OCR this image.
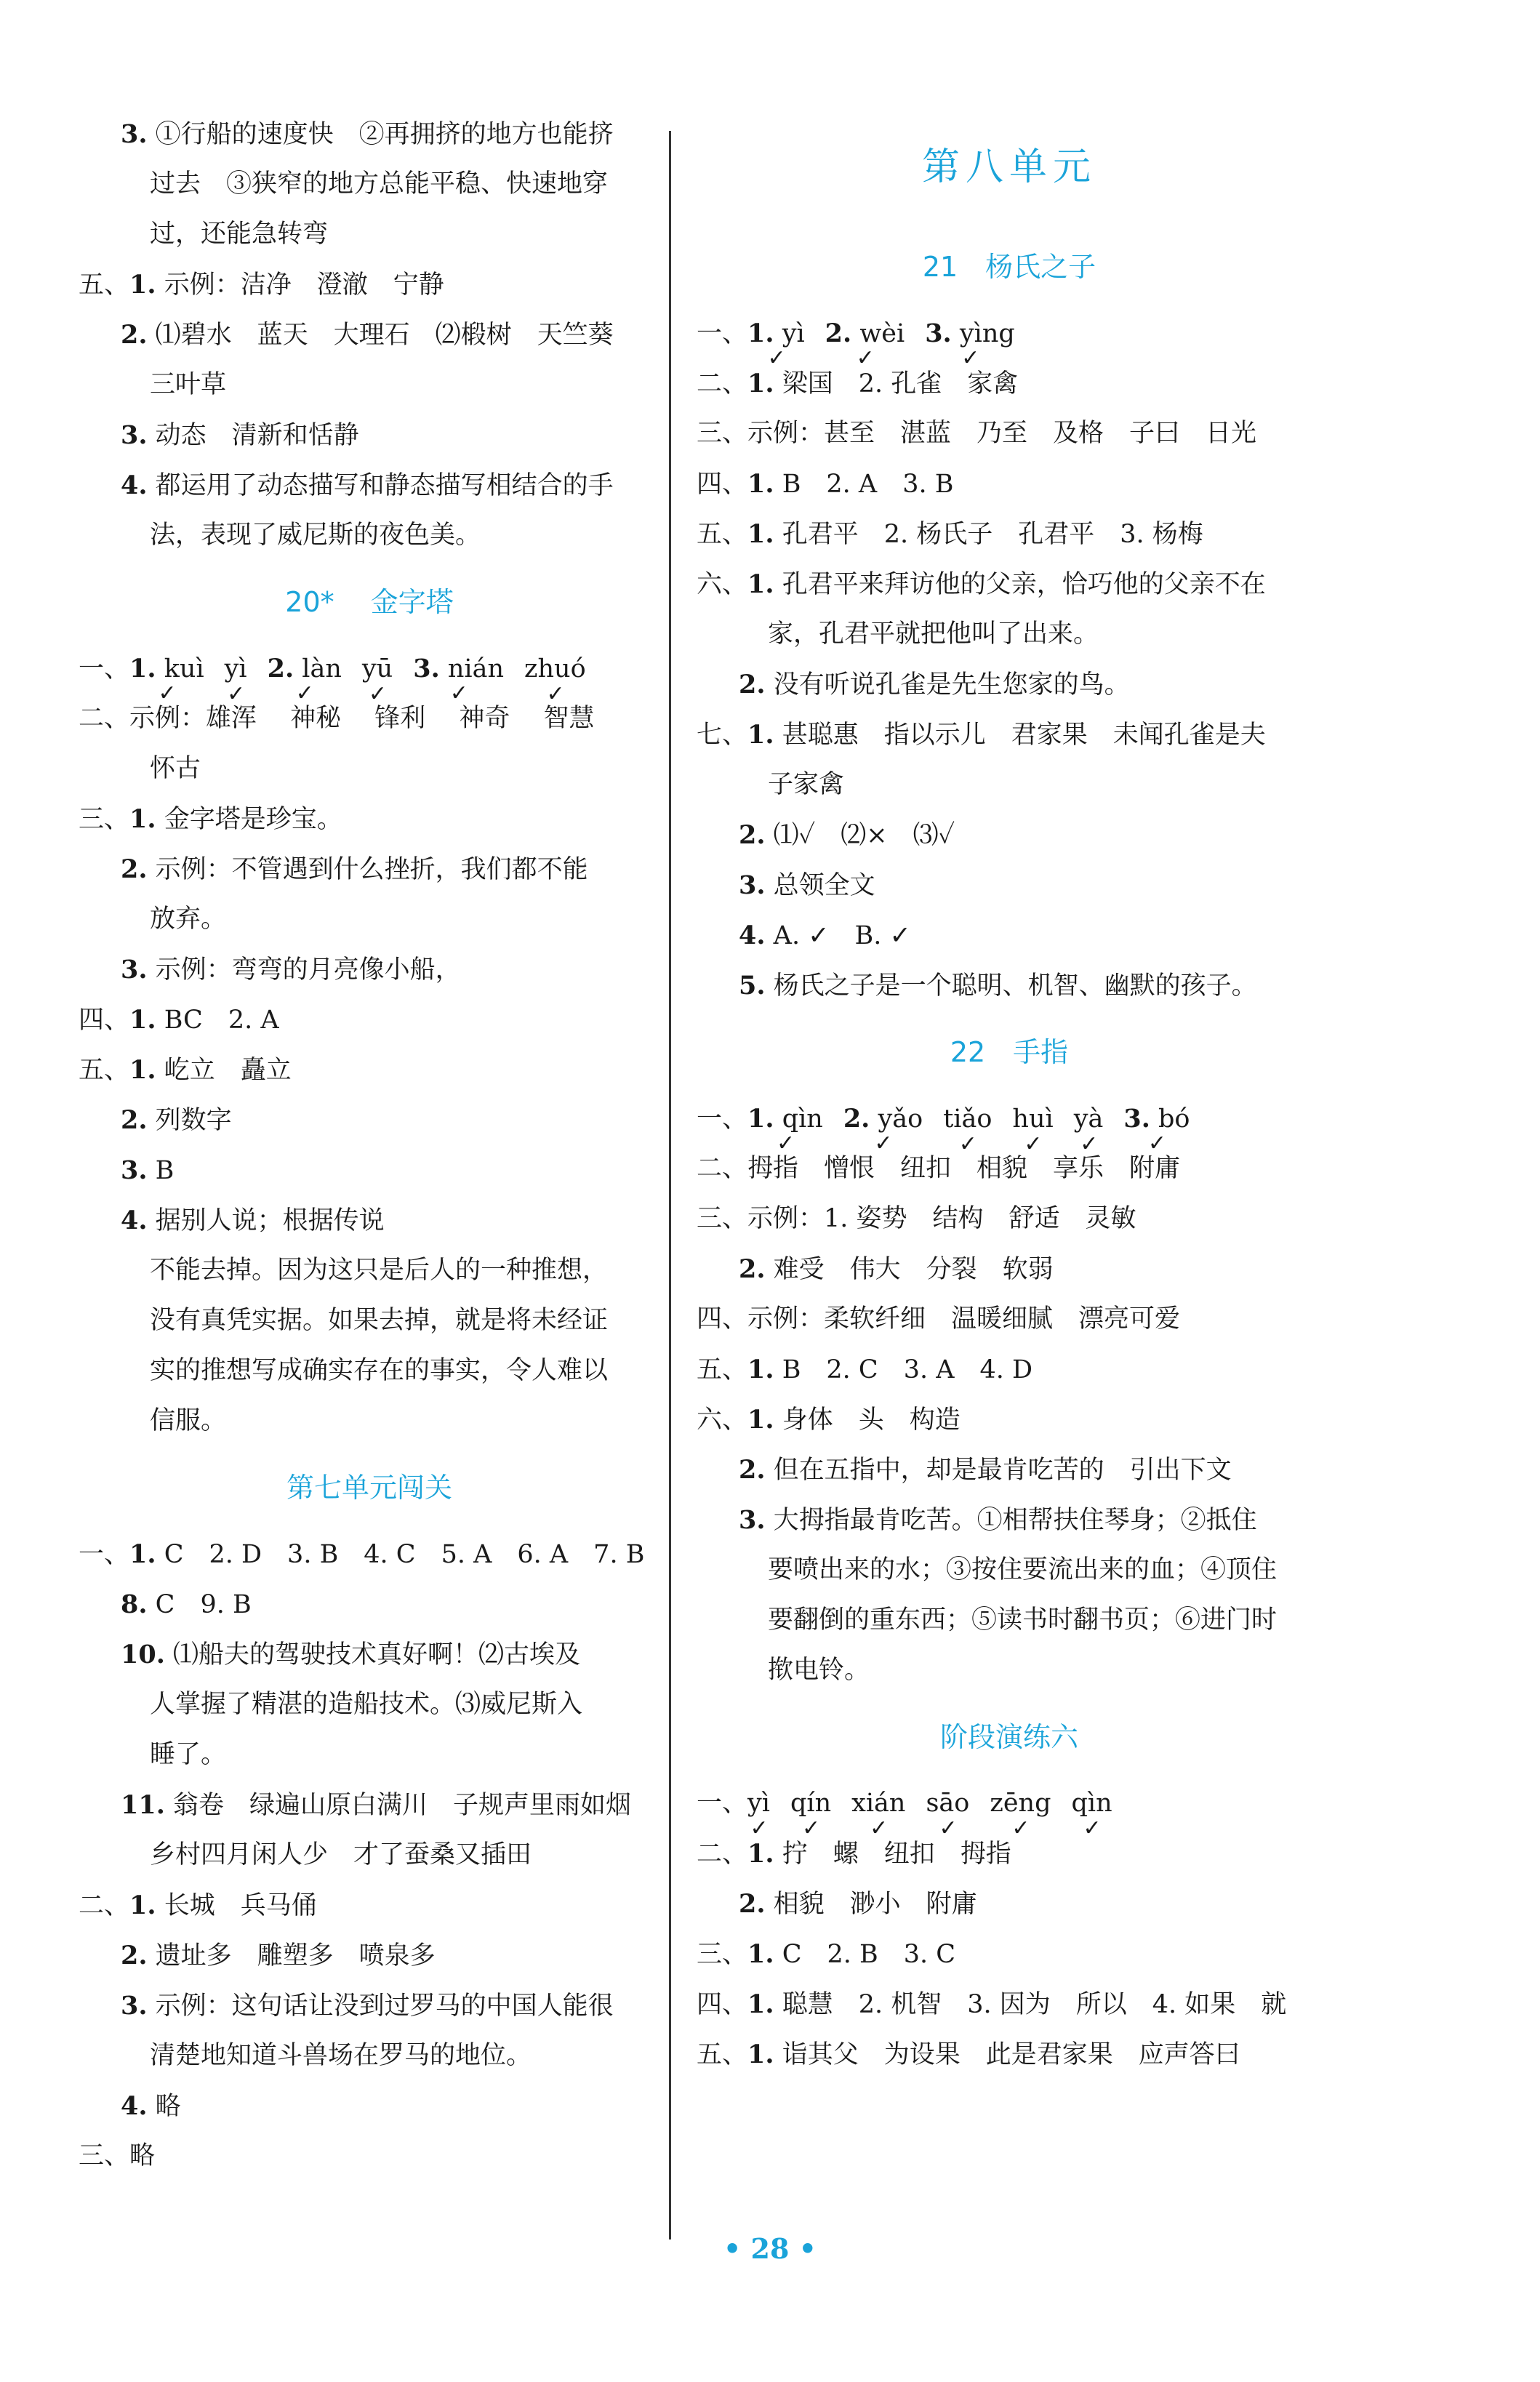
3. ①行船的速度快　②再拥挤的地方也能挤
过去　③狭窄的地方总能平稳、快速地穿
过，还能急转弯
五、1. 示例：洁净　澄澈　宁静
2. ⑴碧水　蓝天　大理石　⑵椴树　天竺葵
三叶草
3. 动态　清新和恬静
4. 都运用了动态描写和静态描写相结合的手
法，表现了威尼斯的夜色美。
20* 　金字塔
一、1. kuì
✓
yì
✓
2. làn
✓
yū
✓
3. nián
✓
zhuó
✓
二、示例：雄浑　 神秘　 锋利　 神奇　 智慧
怀古
三、1. 金字塔是珍宝。
2. 示例：不管遇到什么挫折，我们都不能
放弃。
3. 示例：弯弯的月亮像小船，
四、1. BC　2. A
五、1. 屹立　矗立
2. 列数字
3. B
4. 据别人说；根据传说
不能去掉。因为这只是后人的一种推想，
没有真凭实据。如果去掉，就是将未经证
实的推想写成确实存在的事实，令人难以
信服。
第七单元闯关
一、1. C　2. D　3. B　4. C　5. A　6. A　7. B
8. C　9. B
10. ⑴船夫的驾驶技术真好啊！⑵古埃及
人掌握了精湛的造船技术。⑶威尼斯入
睡了。
11. 翁卷　绿遍山原白满川　子规声里雨如烟
乡村四月闲人少　才了蚕桑又插田
二、1. 长城　兵马俑
2. 遗址多　雕塑多　喷泉多
3. 示例：这句话让没到过罗马的中国人能很
清楚地知道斗兽场在罗马的地位。
4. 略
三、略
第八单元
21　杨氏之子
一、1. yì
✓
2. wèi
✓
3. yìng
✓
二、1. 梁国　2. 孔雀　家禽
三、示例：甚至　湛蓝　乃至　及格　子曰　日光
四、1. B　2. A　3. B
五、1. 孔君平　2. 杨氏子　孔君平　3. 杨梅
六、1. 孔君平来拜访他的父亲，恰巧他的父亲不在
家，孔君平就把他叫了出来。
2. 没有听说孔雀是先生您家的鸟。
七、1. 甚聪惠　指以示儿　君家果　未闻孔雀是夫
子家禽
2. ⑴✓　⑵×　⑶✓
3. 总领全文
4. A. ✓　B. ✓
5. 杨氏之子是一个聪明、机智、幽默的孩子。
22　手指
一、1. qìn
✓
2. yǎo
✓
tiǎo
✓
huì
✓
yà
✓
3. bó
✓
二、拇指　憎恨　纽扣　相貌　享乐　附庸
三、示例：1. 姿势　结构　舒适　灵敏
2. 难受　伟大　分裂　软弱
四、示例：柔软纤细　温暖细腻　漂亮可爱
五、1. B　2. C　3. A　4. D
六、1. 身体　头　构造
2. 但在五指中，却是最肯吃苦的　引出下文
3. 大拇指最肯吃苦。①相帮扶住琴身；②抵住
要喷出来的水；③按住要流出来的血；④顶住
要翻倒的重东西；⑤读书时翻书页；⑥进门时
揿电铃。
阶段演练六
一、yì
✓
qín
✓
xián
✓
sāo
✓
zēng
✓
qìn
✓
二、1. 拧　螺　纽扣　拇指
2. 相貌　渺小　附庸
三、1. C　2. B　3. C
四、1. 聪慧　2. 机智　3. 因为　所以　4. 如果　就
五、1. 诣其父　为设果　此是君家果　应声答曰
• 28 •
